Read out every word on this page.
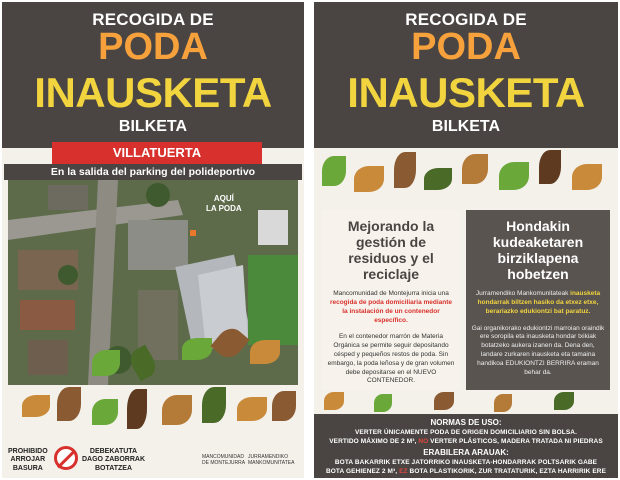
RECOGIDA DE
PODA
INAUSKETA
BILKETA
VILLATUERTA
En la salida del parking del polideportivo
AQUÍ
LA PODA
PROHIBIDO
ARROJAR
BASURA
DEBEKATUTA
DAGO ZABORRAK
BOTATZEA
MANCOMUNIDAD
DE MONTEJURRA
JURRAMENDIKO
MANKOMUNITATEA
RECOGIDA DE
PODA
INAUSKETA
BILKETA
Mejorando la gestión de residuos y el reciclaje
Mancomunidad de Montejurra inicia una recogida de poda domiciliaria mediante la instalación de un contenedor específico.
En el contenedor marrón de Materia Orgánica se permite seguir depositando césped y pequeños restos de poda. Sin embargo, la poda leñosa y de gran volumen debe depositarse en el NUEVO CONTENEDOR.
Hondakin kudeaketaren birziklapena hobetzen
Jurramendiko Mankomunitateak inausketa hondarrak biltzen hasiko da etxez etxe, berariazko edukiontzi bat paratuz.
Gai organikorako edukiontzi marroian oraindik ere soropila eta inausketa hondar txikiak botatzeko aukera izanen da. Dena den, landare zurkaren inausketa eta tamaina handikoa EDUKIONTZI BERRIRA eraman behar da.
NORMAS DE USO:
VERTER ÚNICAMENTE PODA DE ORIGEN DOMICILIARIO SIN BOLSA.
VERTIDO MÁXIMO DE 2 M³, NO VERTER PLÁSTICOS, MADERA TRATADA NI PIEDRAS
ERABILERA ARAUAK:
BOTA BAKARRIK ETXE JATORRIKO INAUSKETA-HONDARRAK POLTSARIK GABE
BOTA GEHIENEZ 2 M³, EZ BOTA PLASTIKORIK, ZUR TRATATURIK, EZTA HARRIRIK ERE
